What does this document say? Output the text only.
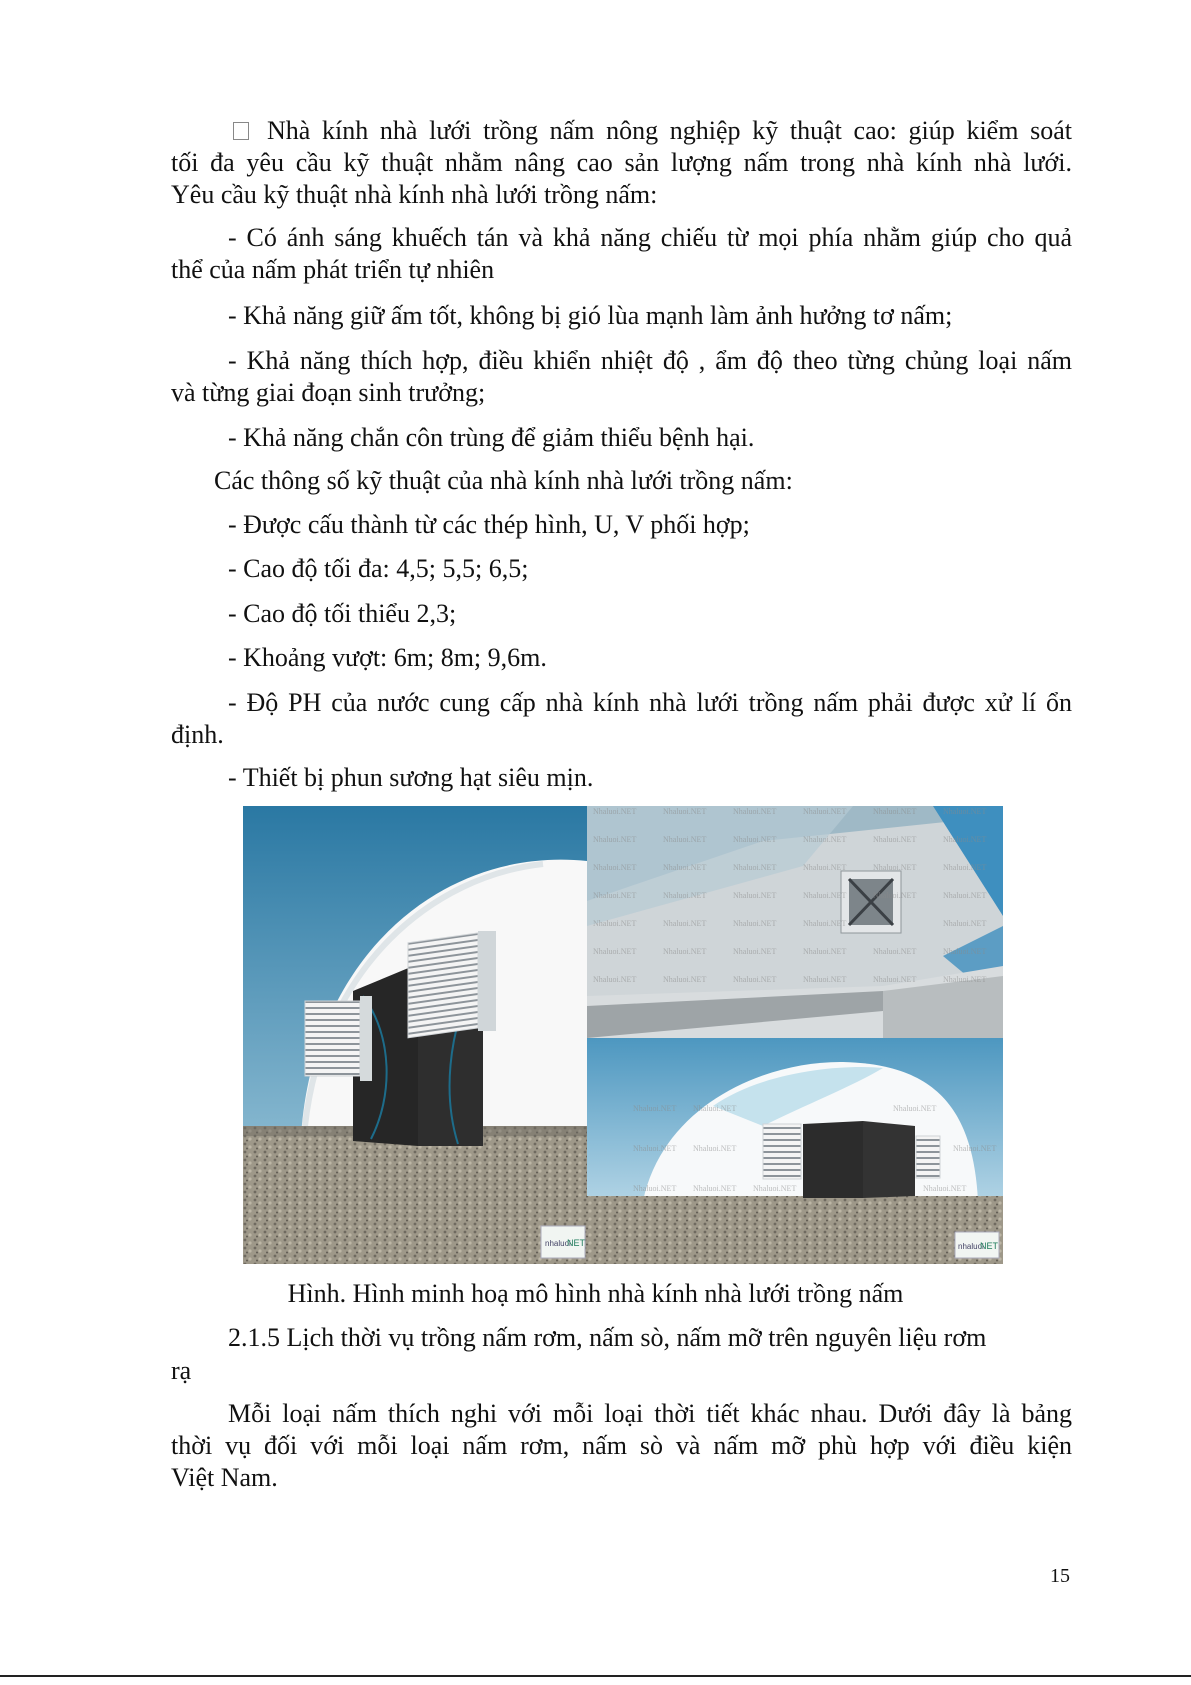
Nhà kính nhà lưới trồng nấm nông nghiệp kỹ thuật cao: giúp kiểm soát
tối đa yêu cầu kỹ thuật nhằm nâng cao sản lượng nấm trong nhà kính nhà lưới.
Yêu cầu kỹ thuật nhà kính nhà lưới trồng nấm:
- Có ánh sáng khuếch tán và khả năng chiếu từ mọi phía nhằm giúp cho quả
thể của nấm phát triển tự nhiên
- Khả năng giữ ấm tốt, không bị gió lùa mạnh làm ảnh hưởng tơ nấm;
- Khả năng thích hợp, điều khiển nhiệt độ , ẩm độ theo từng chủng loại nấm
và từng giai đoạn sinh trưởng;
- Khả năng chắn côn trùng để giảm thiểu bệnh hại.
Các thông số kỹ thuật của nhà kính nhà lưới trồng nấm:
- Được cấu thành từ các thép hình, U, V phối hợp;
- Cao độ tối đa: 4,5; 5,5; 6,5;
- Cao độ tối thiểu 2,3;
- Khoảng vượt: 6m; 8m; 9,6m.
- Độ PH của nước cung cấp nhà kính nhà lưới trồng nấm phải được xử lí ổn
định.
- Thiết bị phun sương hạt siêu mịn.
nhaluoi
NET	nhaluoi
NET
Nhaluoi.NET	Nhaluoi.NET	Nhaluoi.NET	Nhaluoi.NET	Nhaluoi.NET	Nhaluoi.NET
Nhaluoi.NET	Nhaluoi.NET	Nhaluoi.NET	Nhaluoi.NET	Nhaluoi.NET	Nhaluoi.NET
Nhaluoi.NET	Nhaluoi.NET	Nhaluoi.NET	Nhaluoi.NET	Nhaluoi.NET	Nhaluoi.NET
Nhaluoi.NET	Nhaluoi.NET	Nhaluoi.NET	Nhaluoi.NET	Nhaluoi.NET	Nhaluoi.NET
Nhaluoi.NET	Nhaluoi.NET	Nhaluoi.NET	Nhaluoi.NET	Nhaluoi.NET
Nhaluoi.NET	Nhaluoi.NET	Nhaluoi.NET	Nhaluoi.NET	Nhaluoi.NET	Nhaluoi.NET
Nhaluoi.NET	Nhaluoi.NET	Nhaluoi.NET	Nhaluoi.NET	Nhaluoi.NET	Nhaluoi.NET
Nhaluoi.NET Nhaluoi.NET	Nhaluoi.NET
Nhaluoi.NET Nhaluoi.NET	Nhaluoi.NET
Nhaluoi.NET Nhaluoi.NET Nhaluoi.NET	Nhaluoi.NET
Hình. Hình minh hoạ mô hình nhà kính nhà lưới trồng nấm
2.1.5 Lịch thời vụ trồng nấm rơm, nấm sò, nấm mỡ trên nguyên liệu rơm
rạ
Mỗi loại nấm thích nghi với mỗi loại thời tiết khác nhau. Dưới đây là bảng
thời vụ đối với mỗi loại nấm rơm, nấm sò và nấm mỡ phù hợp với điều kiện
Việt Nam.
15
